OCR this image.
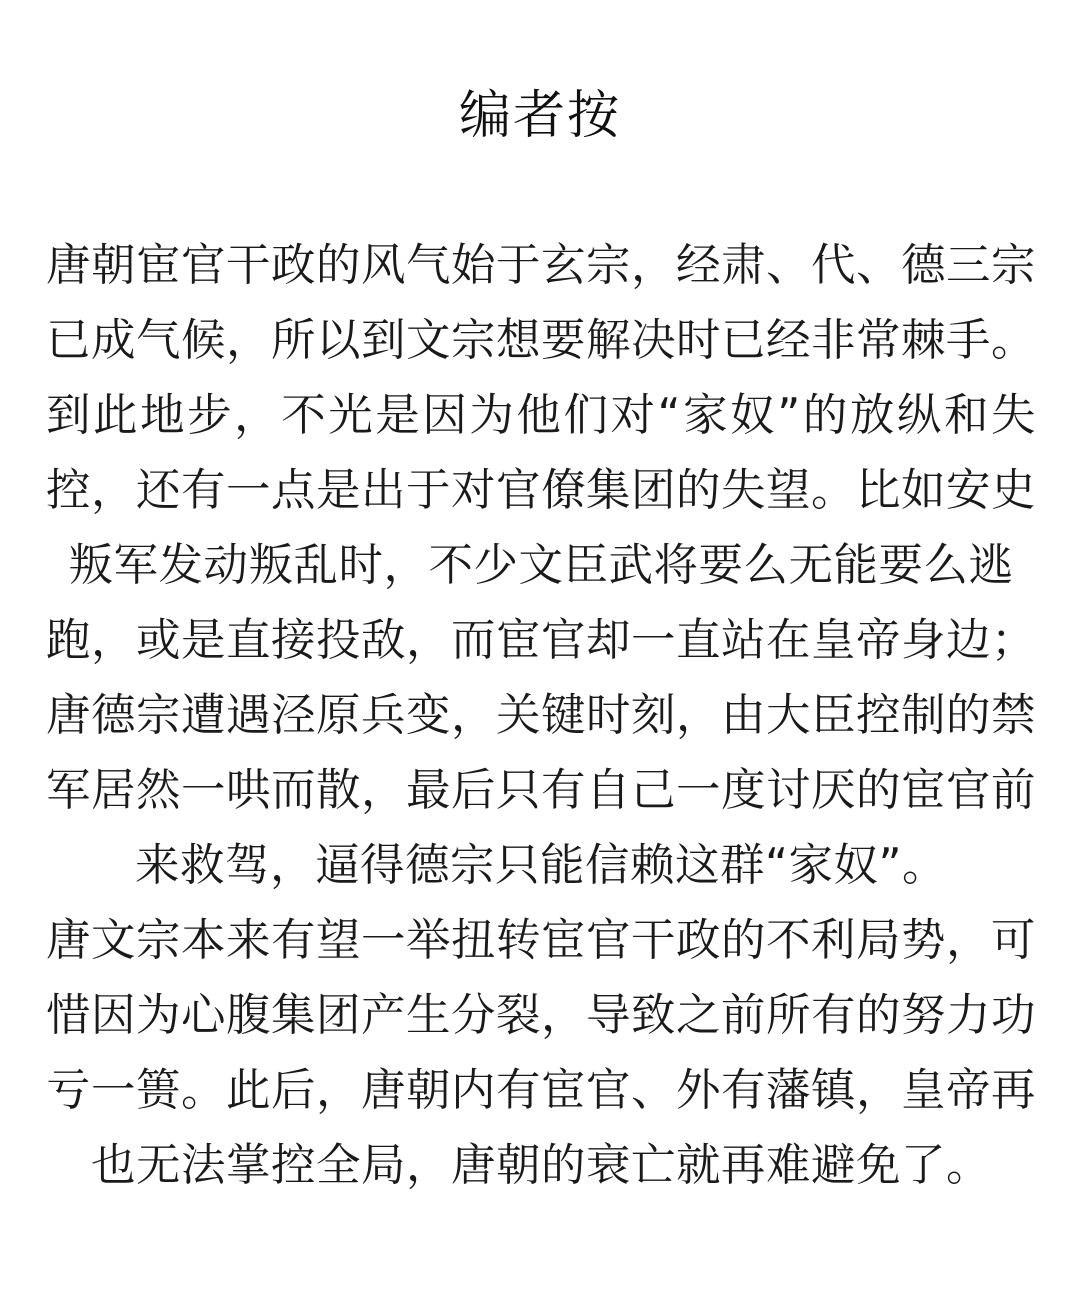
编者按
唐朝宦官干政的风气始于玄宗，经肃、代、德三宗
已成气候，所以到文宗想要解决时已经非常棘手。
到此地步，不光是因为他们对“家奴”的放纵和失
控，还有一点是出于对官僚集团的失望。比如安史
叛军发动叛乱时，不少文臣武将要么无能要么逃
跑，或是直接投敌，而宦官却一直站在皇帝身边；
唐德宗遭遇泾原兵变，关键时刻，由大臣控制的禁
军居然一哄而散，最后只有自己一度讨厌的宦官前
来救驾，逼得德宗只能信赖这群“家奴”。
唐文宗本来有望一举扭转宦官干政的不利局势，可
惜因为心腹集团产生分裂，导致之前所有的努力功
亏一篑。此后，唐朝内有宦官、外有藩镇，皇帝再
也无法掌控全局，唐朝的衰亡就再难避免了。
